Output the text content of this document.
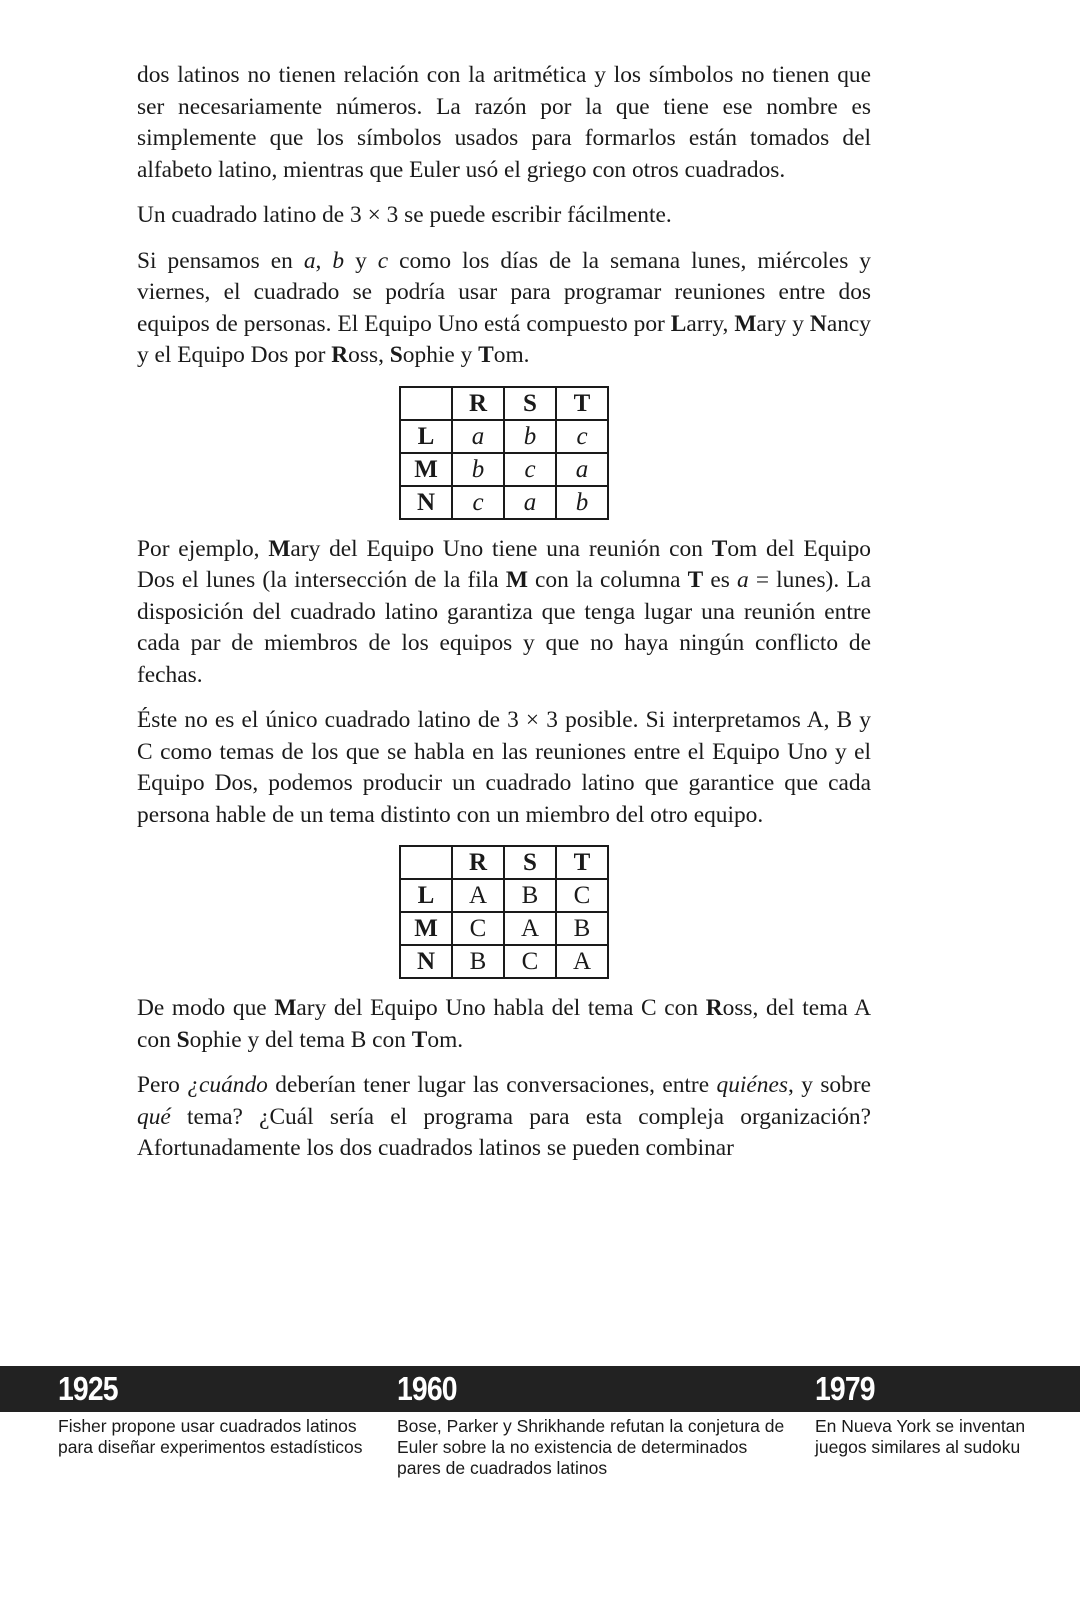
dos latinos no tienen relación con la aritmética y los símbolos no tienen que ser necesariamente números. La razón por la que tiene ese nombre es simplemente que los símbolos usados para formarlos están tomados del alfabeto latino, mientras que Euler usó el griego con otros cuadrados.

Un cuadrado latino de 3 × 3 se puede escribir fácilmente.

Si pensamos en a, b y c como los días de la semana lunes, miércoles y viernes, el cuadrado se podría usar para programar reuniones entre dos equipos de personas. El Equipo Uno está compuesto por Larry, Mary y Nancy y el Equipo Dos por Ross, Sophie y Tom.

	R	S	T
L	a	b	c
M	b	c	a
N	c	a	b

Por ejemplo, Mary del Equipo Uno tiene una reunión con Tom del Equipo Dos el lunes (la intersección de la fila M con la columna T es a = lunes). La disposición del cuadrado latino garantiza que tenga lugar una reunión entre cada par de miembros de los equipos y que no haya ningún conflicto de fechas.

Éste no es el único cuadrado latino de 3 × 3 posible. Si interpretamos A, B y C como temas de los que se habla en las reuniones entre el Equipo Uno y el Equipo Dos, podemos producir un cuadrado latino que garantice que cada persona hable de un tema distinto con un miembro del otro equipo.

	R	S	T
L	A	B	C
M	C	A	B
N	B	C	A

De modo que Mary del Equipo Uno habla del tema C con Ross, del tema A con Sophie y del tema B con Tom.

Pero ¿cuándo deberían tener lugar las conversaciones, entre quiénes, y sobre qué tema? ¿Cuál sería el programa para esta compleja organización? Afortunadamente los dos cuadrados latinos se pueden combinar

1925	1960	1979
Fisher propone usar cuadrados latinos para diseñar experimentos estadísticos
Bose, Parker y Shrikhande refutan la conjetura de Euler sobre la no existencia de determinados pares de cuadrados latinos
En Nueva York se inventan juegos similares al sudoku
